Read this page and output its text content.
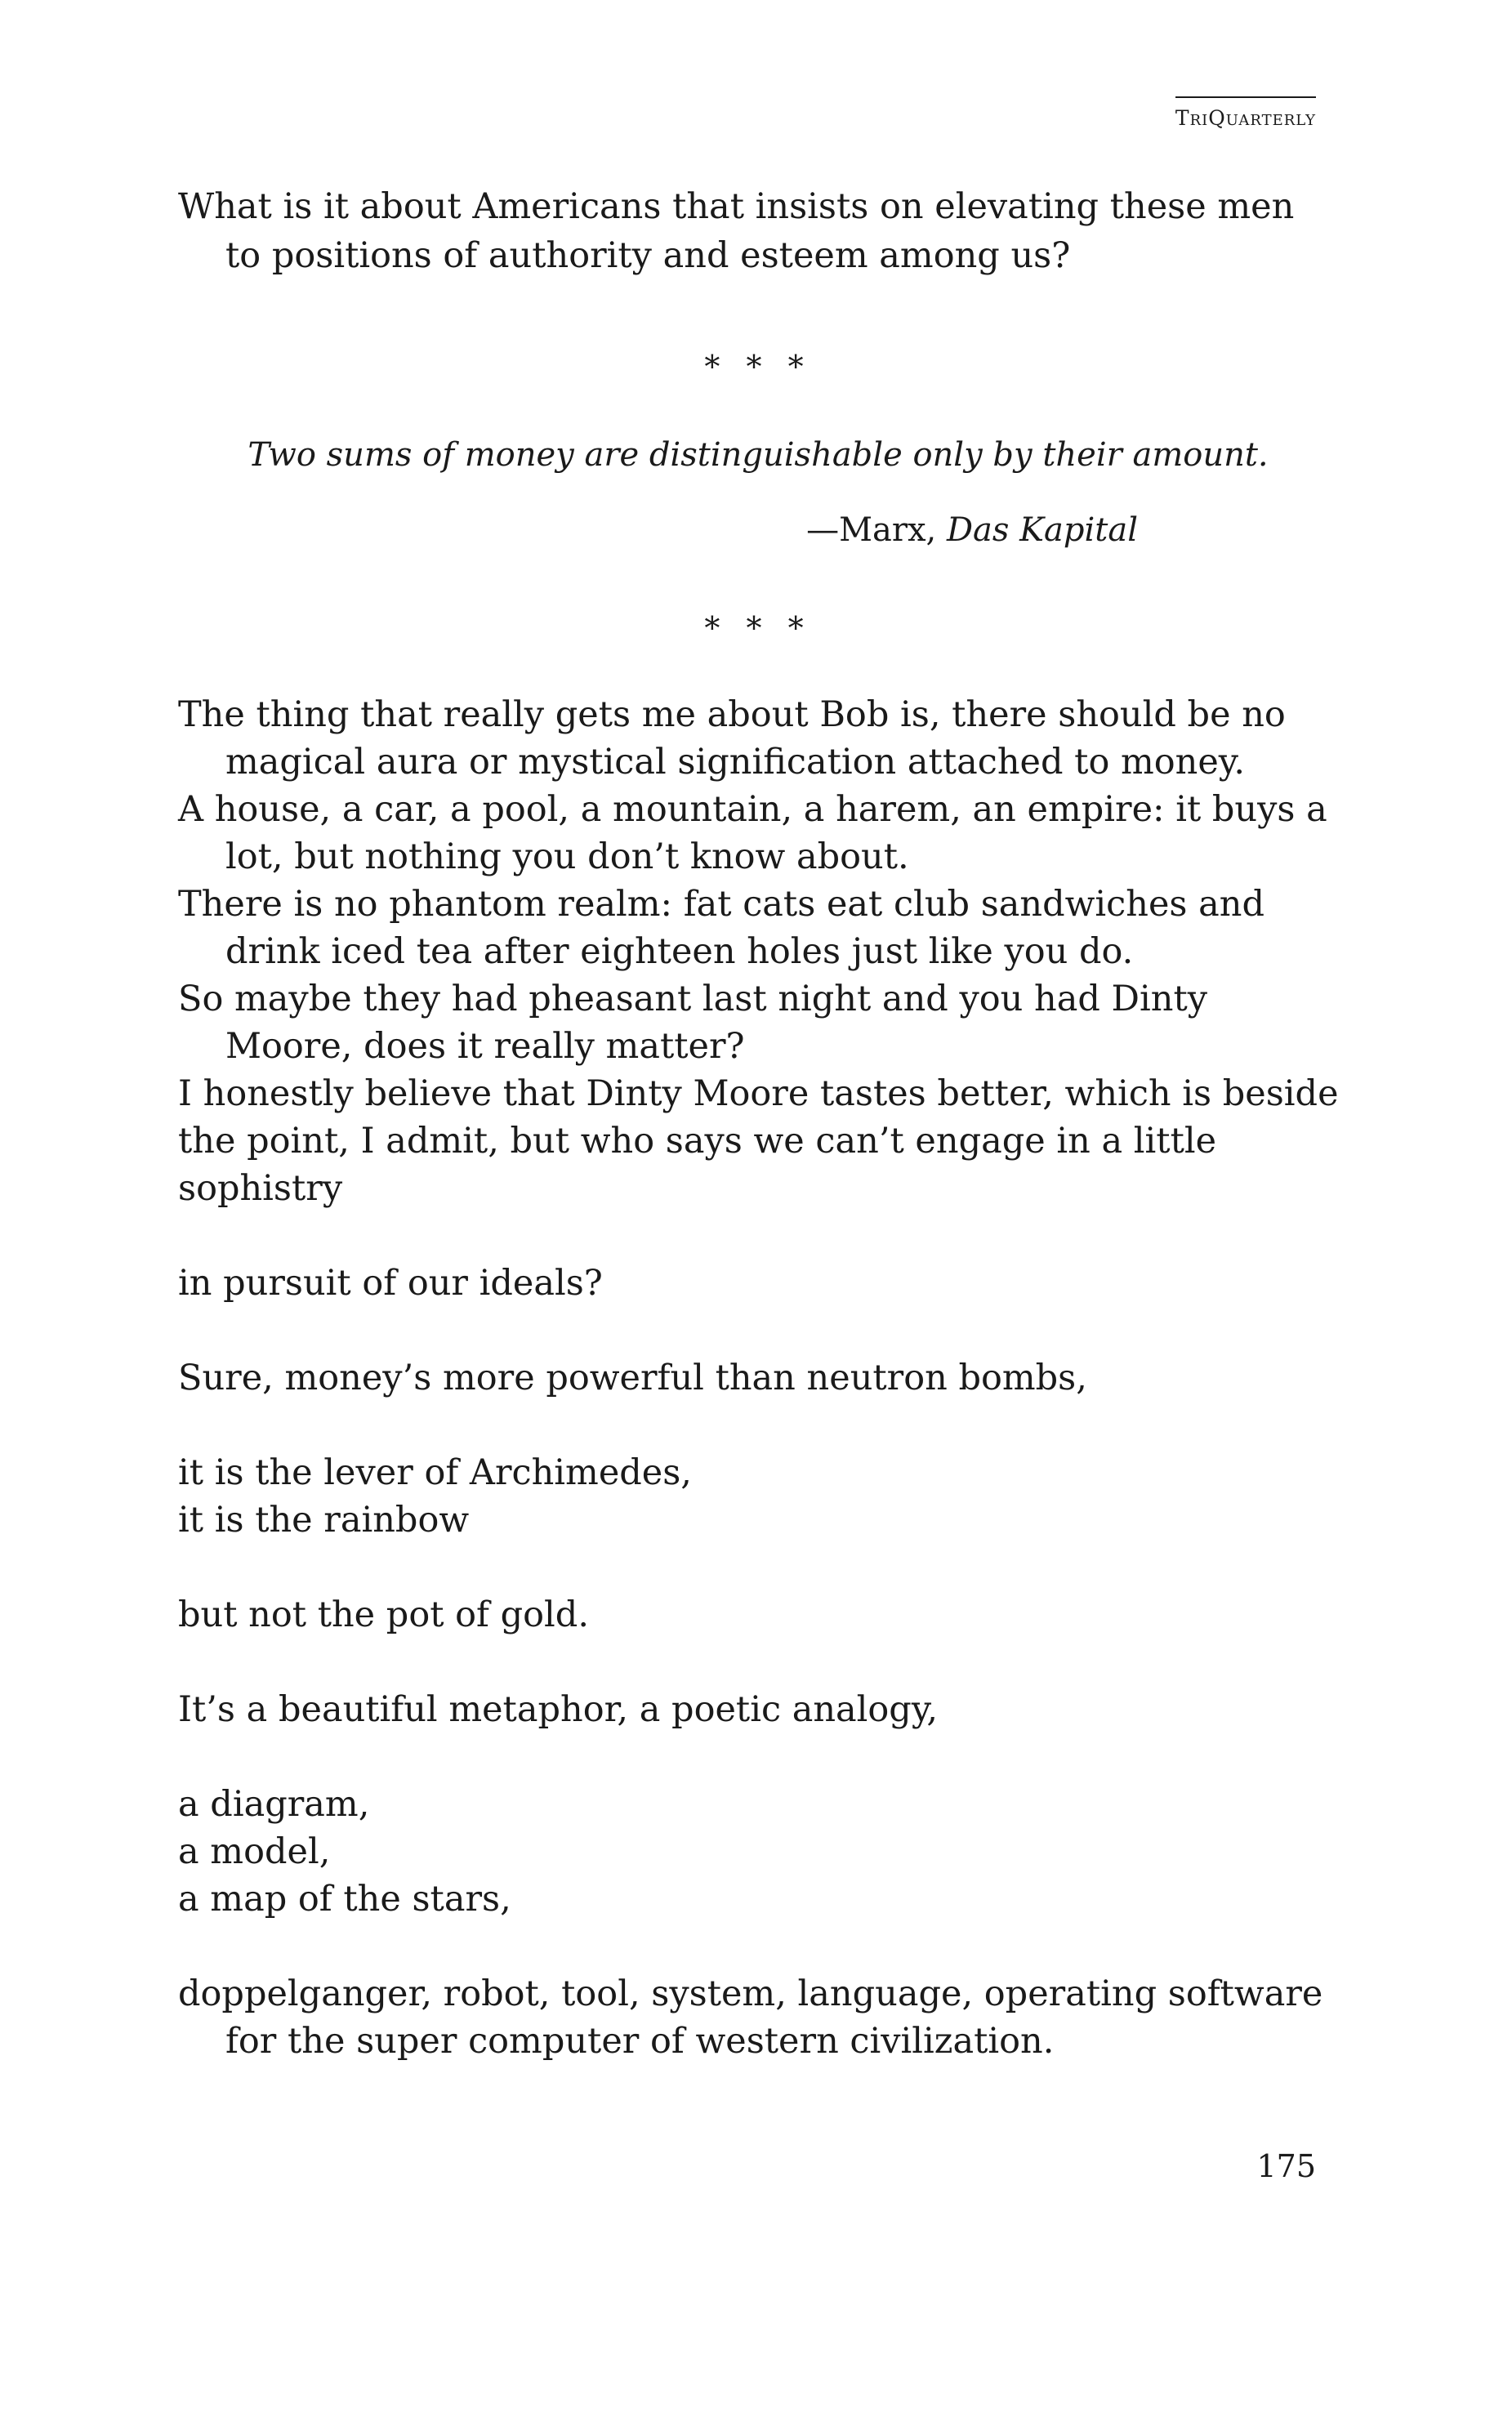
TriQuarterly
What is it about Americans that insists on elevating these men
to positions of authority and esteem among us?
* * *
Two sums of money are distinguishable only by their amount.
—Marx, Das Kapital
* * *
The thing that really gets me about Bob is, there should be no
magical aura or mystical signification attached to money.
A house, a car, a pool, a mountain, a harem, an empire: it buys a
lot, but nothing you don’t know about.
There is no phantom realm: fat cats eat club sandwiches and
drink iced tea after eighteen holes just like you do.
So maybe they had pheasant last night and you had Dinty
Moore, does it really matter?
I honestly believe that Dinty Moore tastes better, which is beside
the point, I admit, but who says we can’t engage in a little
sophistry
in pursuit of our ideals?
Sure, money’s more powerful than neutron bombs,
it is the lever of Archimedes,
it is the rainbow
but not the pot of gold.
It’s a beautiful metaphor, a poetic analogy,
a diagram,
a model,
a map of the stars,
doppelganger, robot, tool, system, language, operating software
for the super computer of western civilization.
175
